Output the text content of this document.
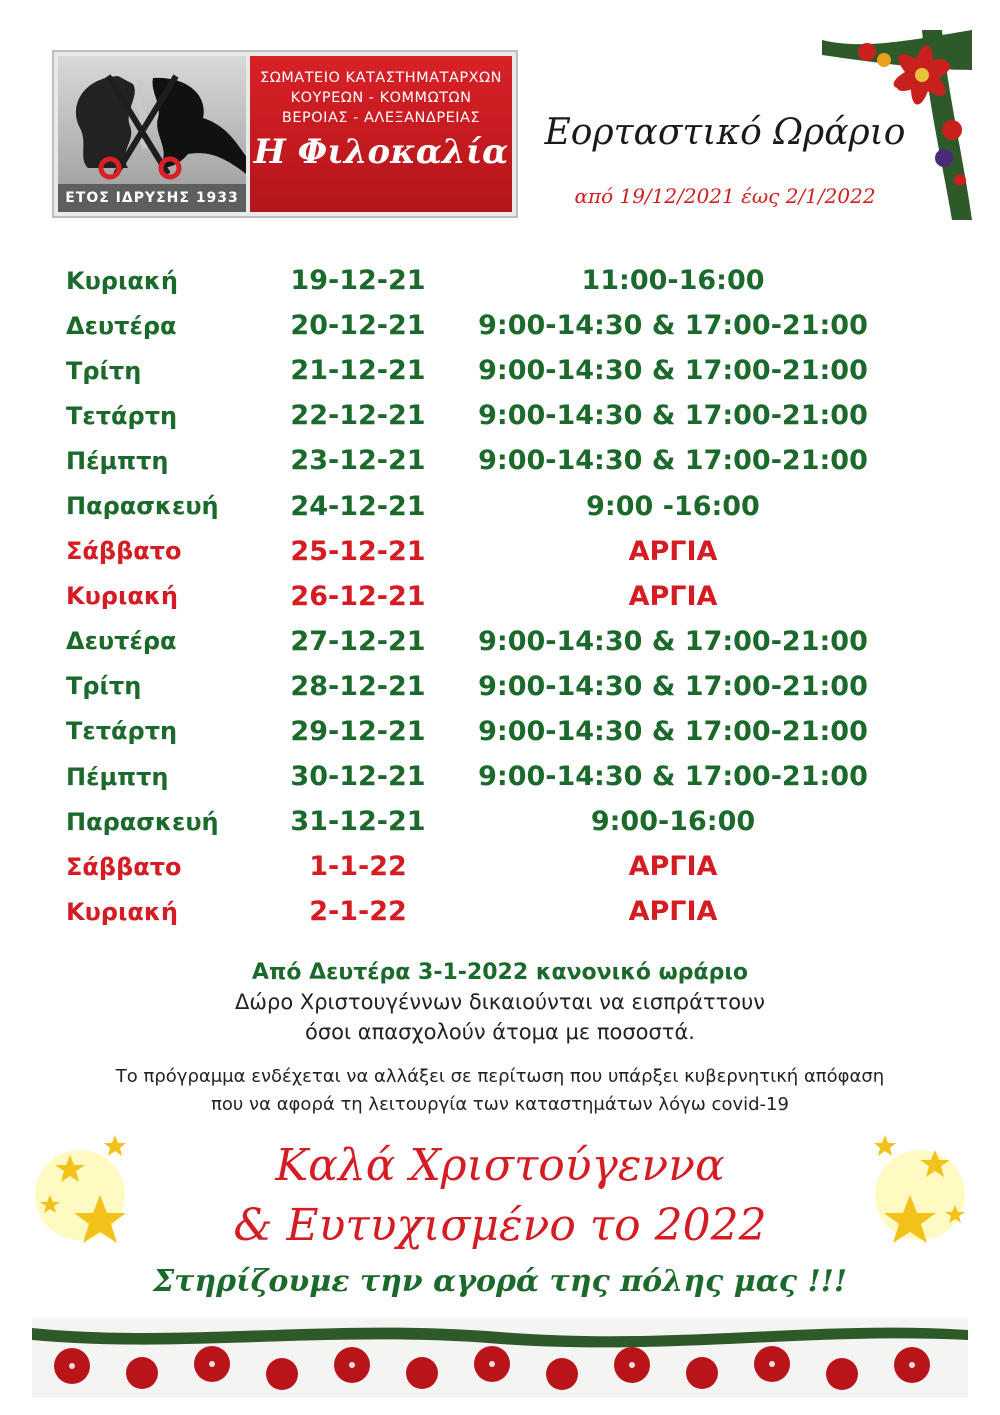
ΕΤΟΣ ΙΔΡΥΣΗΣ 1933
ΣΩΜΑΤΕΙΟ ΚΑΤΑΣΤΗΜΑΤΑΡΧΩΝ
ΚΟΥΡΕΩΝ - ΚΟΜΜΩΤΩΝ
ΒΕΡΟΙΑΣ - ΑΛΕΞΑΝΔΡΕΙΑΣ
Η Φιλοκαλία	Εορταστικό Ωράριο
από 19/12/2021 έως 2/1/2022
Κυριακή	19-12-21	11:00-16:00
Δευτέρα	20-12-21	9:00-14:30 & 17:00-21:00
Τρίτη	21-12-21	9:00-14:30 & 17:00-21:00
Τετάρτη	22-12-21	9:00-14:30 & 17:00-21:00
Πέμπτη	23-12-21	9:00-14:30 & 17:00-21:00
Παρασκευή	24-12-21	9:00 -16:00
Σάββατο	25-12-21	ΑΡΓΙΑ
Κυριακή	26-12-21	ΑΡΓΙΑ
Δευτέρα	27-12-21	9:00-14:30 & 17:00-21:00
Τρίτη	28-12-21	9:00-14:30 & 17:00-21:00
Τετάρτη	29-12-21	9:00-14:30 & 17:00-21:00
Πέμπτη	30-12-21	9:00-14:30 & 17:00-21:00
Παρασκευή	31-12-21	9:00-16:00
Σάββατο	1-1-22	ΑΡΓΙΑ
Κυριακή	2-1-22	ΑΡΓΙΑ
Από Δευτέρα 3-1-2022 κανονικό ωράριο
Δώρο Χριστουγέννων δικαιούνται να εισπράττουν
όσοι απασχολούν άτομα με ποσοστά.
Το πρόγραμμα ενδέχεται να αλλάξει σε περίτωση που υπάρξει κυβερνητική απόφαση
που να αφορά τη λειτουργία των καταστημάτων λόγω covid-19
Καλά Χριστούγεννα
& Ευτυχισμένο το 2022
Στηρίζουμε την αγορά της πόλης μας !!!
